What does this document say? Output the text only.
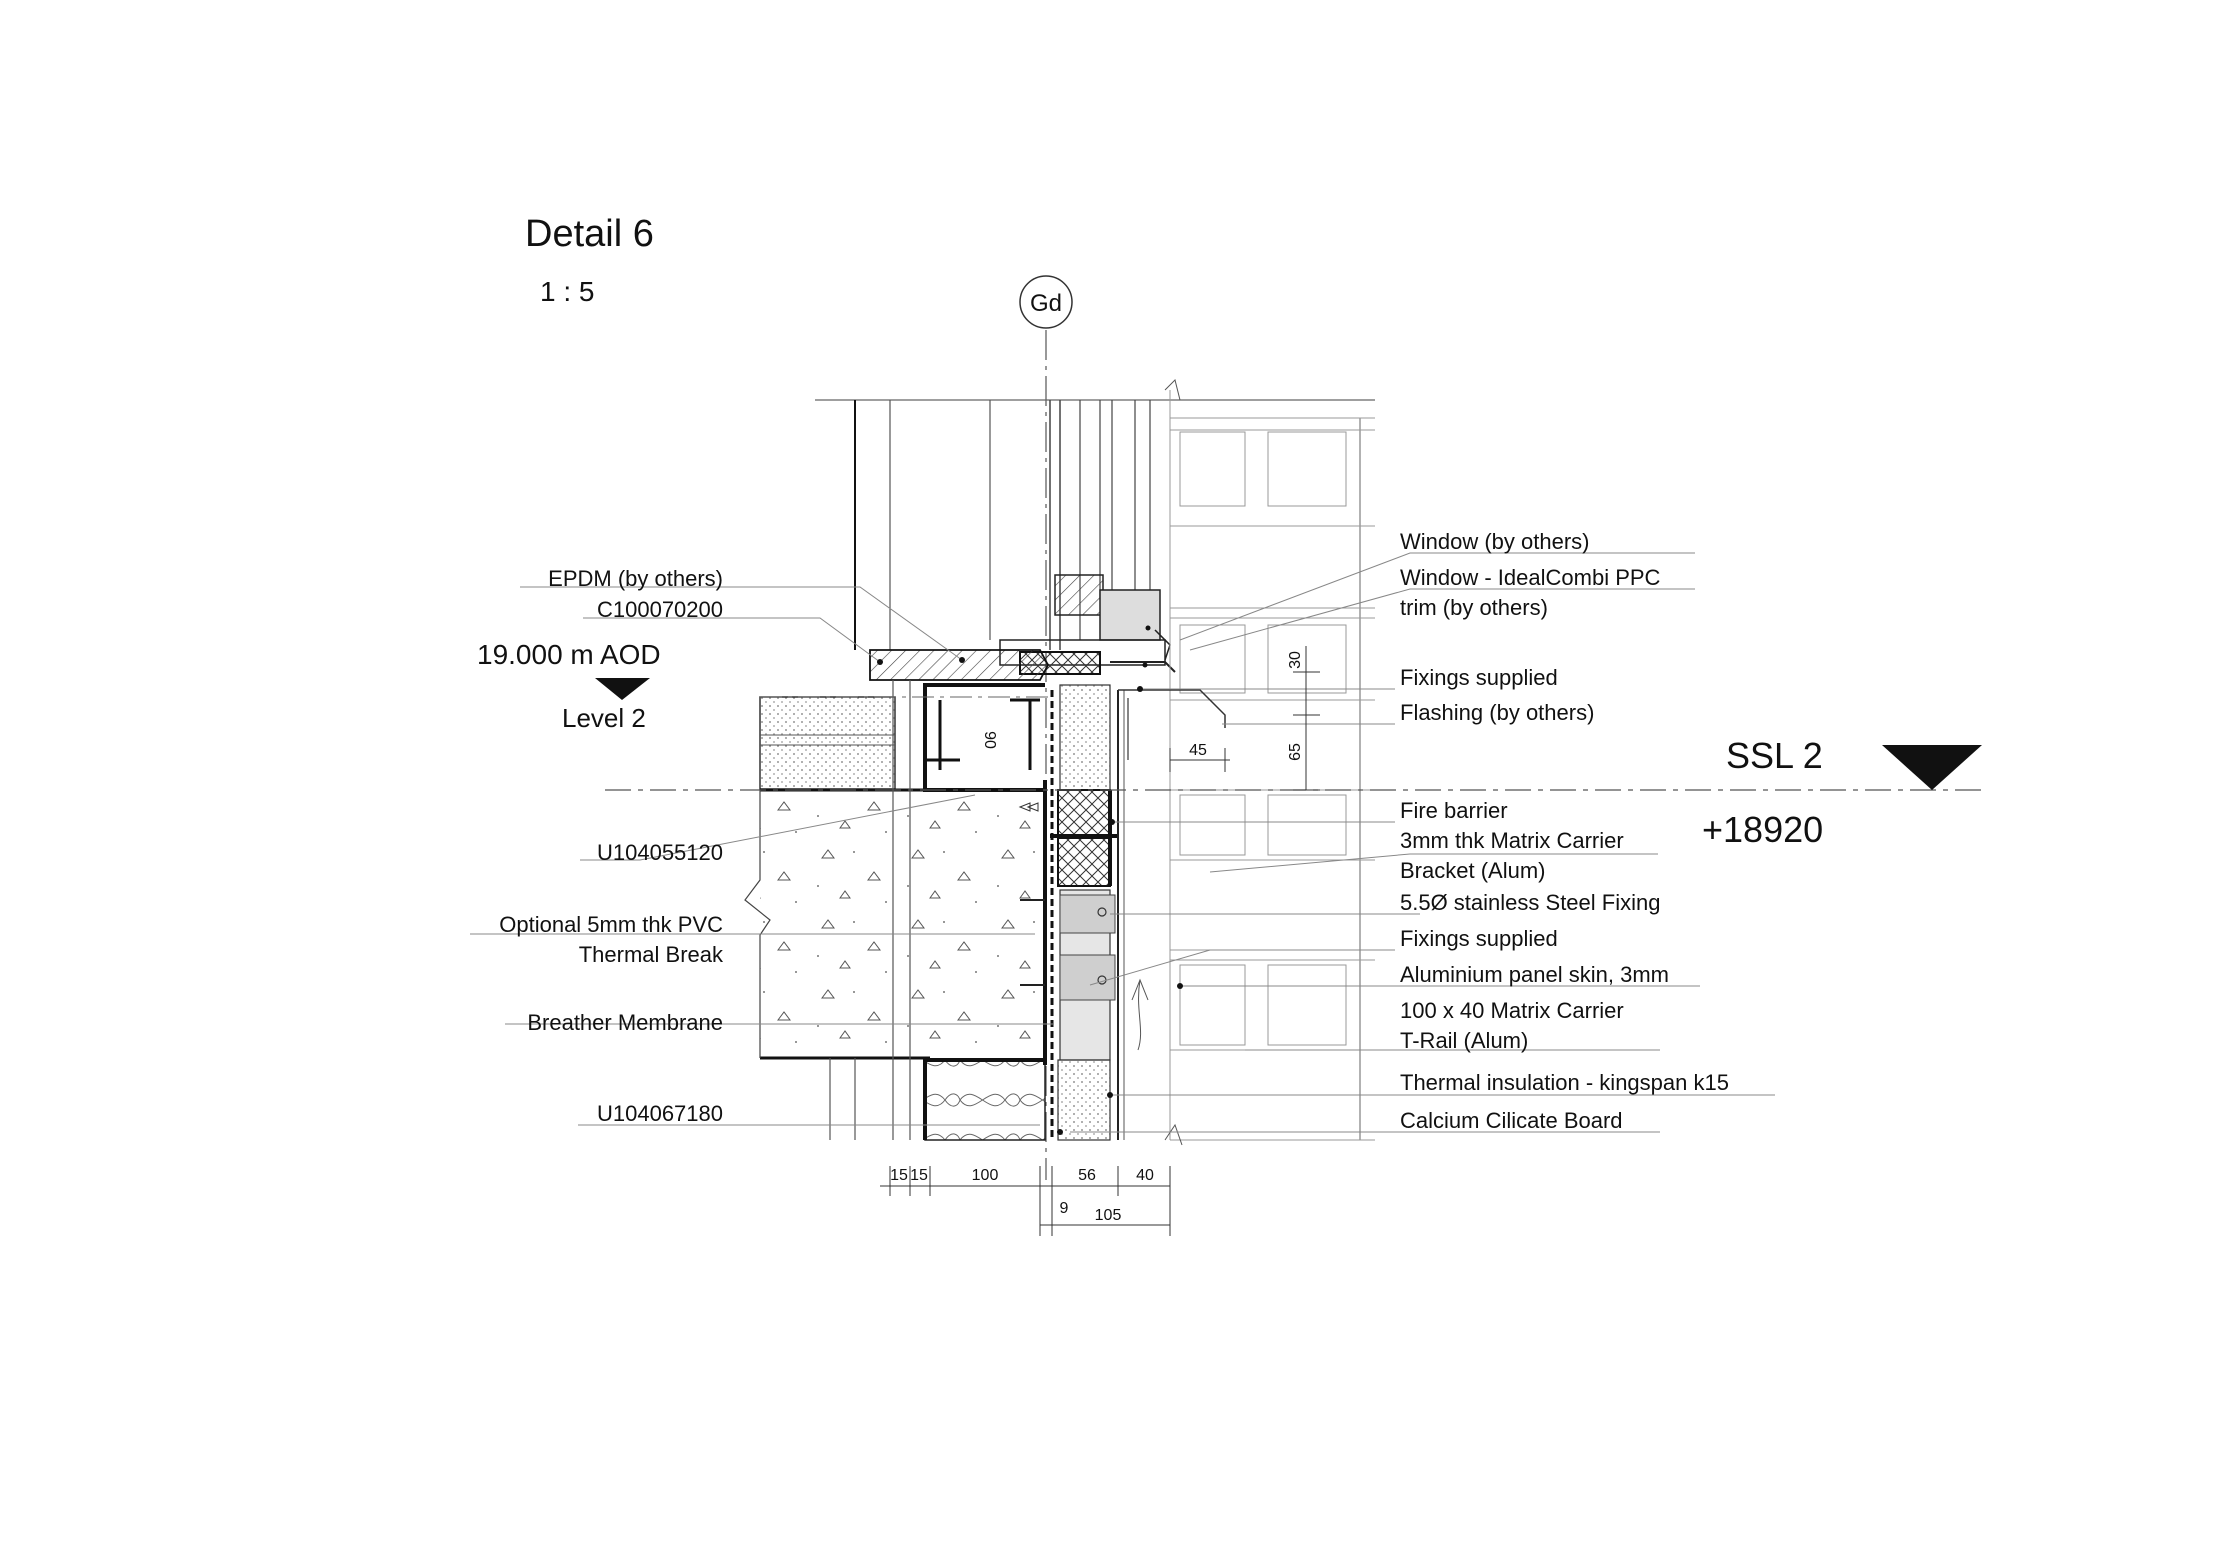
Detail 6
1 : 5	Gd
19.000 m AOD
Level 2
SSL 2
+18920
EPDM (by others)
C100070200
U104055120
Optional 5mm thk PVC
Thermal Break
Breather Membrane
U104067180
Window (by others)
Window - IdealCombi PPC
trim (by others)
Fixings supplied
Flashing (by others)
Fire barrier
3mm thk Matrix Carrier
Bracket (Alum)
5.5Ø stainless Steel Fixing
Fixings supplied
Aluminium panel skin, 3mm
100 x 40 Matrix Carrier
T-Rail (Alum)
Thermal insulation - kingspan k15
Calcium Cilicate Board
15 15	100	56	40
9 105
30
45	65
90
